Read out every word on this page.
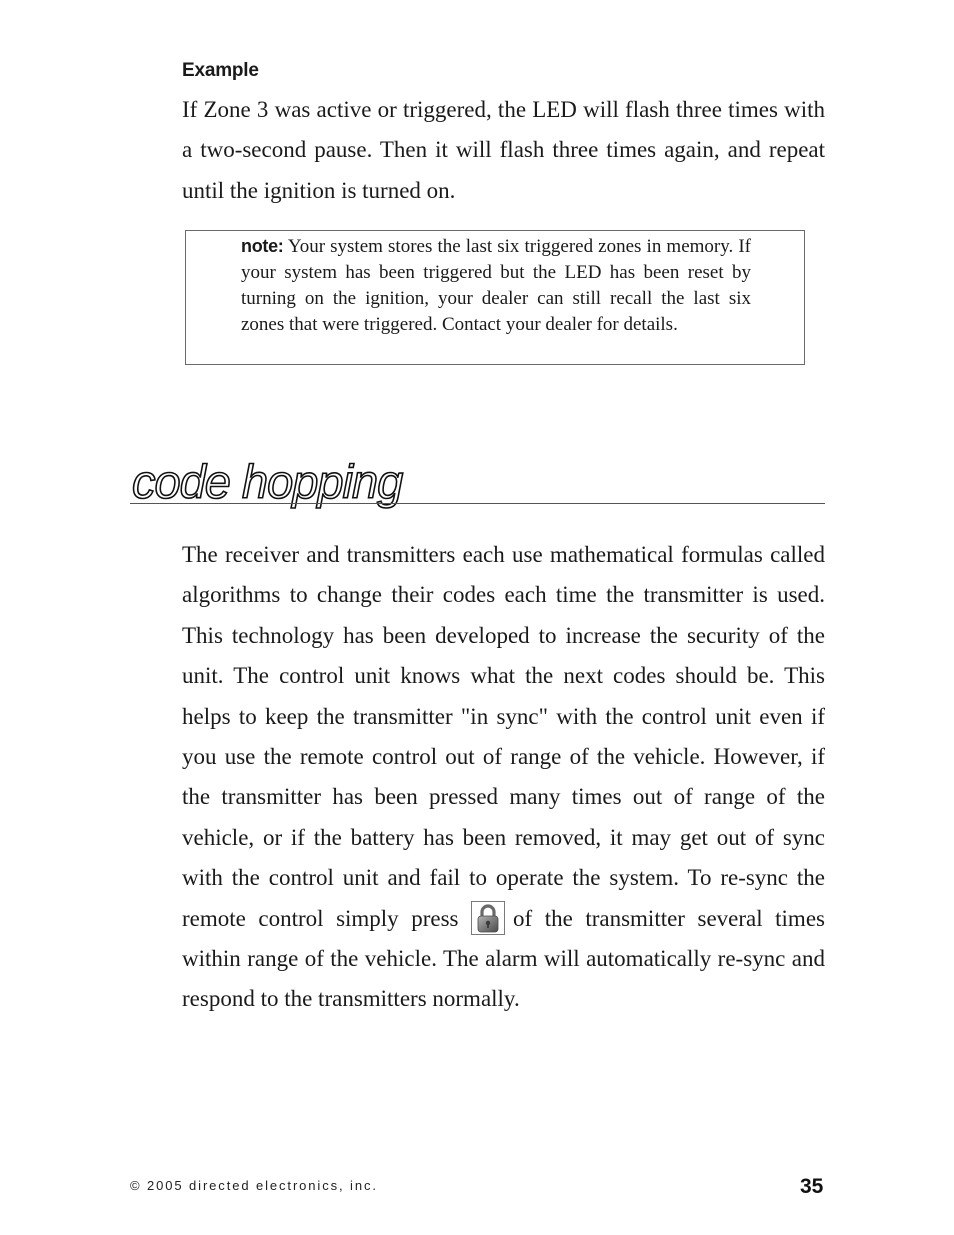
Example

If Zone 3 was active or triggered, the LED will flash three times with a two-second pause. Then it will flash three times again, and repeat until the ignition is turned on.

note: Your system stores the last six triggered zones in memory. If your system has been triggered but the LED has been reset by turning on the ignition, your dealer can still recall the last six zones that were triggered. Contact your dealer for details.

code hopping

The receiver and transmitters each use mathematical formulas called algorithms to change their codes each time the transmitter is used. This technology has been developed to increase the security of the unit. The control unit knows what the next codes should be. This helps to keep the transmitter "in sync" with the control unit even if you use the remote control out of range of the vehicle. However, if the transmitter has been pressed many times out of range of the vehicle, or if the battery has been removed, it may get out of sync with the control unit and fail to operate the system. To re-sync the remote control simply press of the transmitter several times within range of the vehicle. The alarm will automatically re-sync and respond to the transmitters normally.

© 2005 directed electronics, inc.	35
